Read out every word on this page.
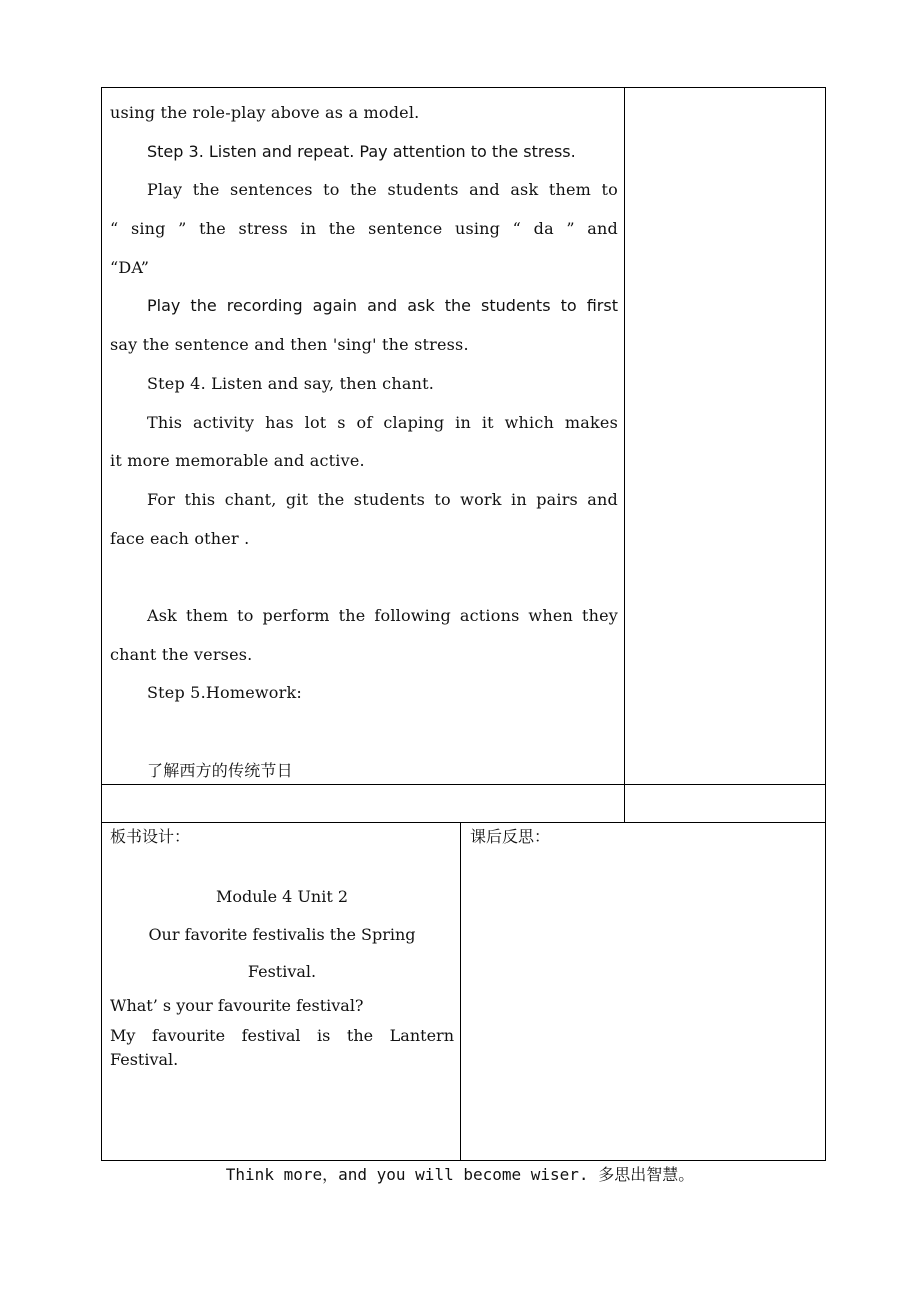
using the role-play above as a model.
Step 3. Listen and repeat. Pay attention to the stress.
Play the sentences to the students and ask them to
“ sing ” the stress in the sentence using “ da ” and
“DA”
Play the recording again and ask the students to first
say the sentence and then 'sing' the stress.
Step 4. Listen and say, then chant.
This activity has lot s of claping in it which makes
it more memorable and active.
For this chant, git the students to work in pairs and
face each other .
Ask them to perform the following actions when they
chant the verses.
Step 5.Homework:
了解西方的传统节日
板书设计：
Module 4 Unit 2
Our favorite festivalis the Spring
Festival.
What’ s your favourite festival?
My favourite festival is the Lantern
Festival.
课后反思：
Think more，and you will become wiser. 多思出智慧。
